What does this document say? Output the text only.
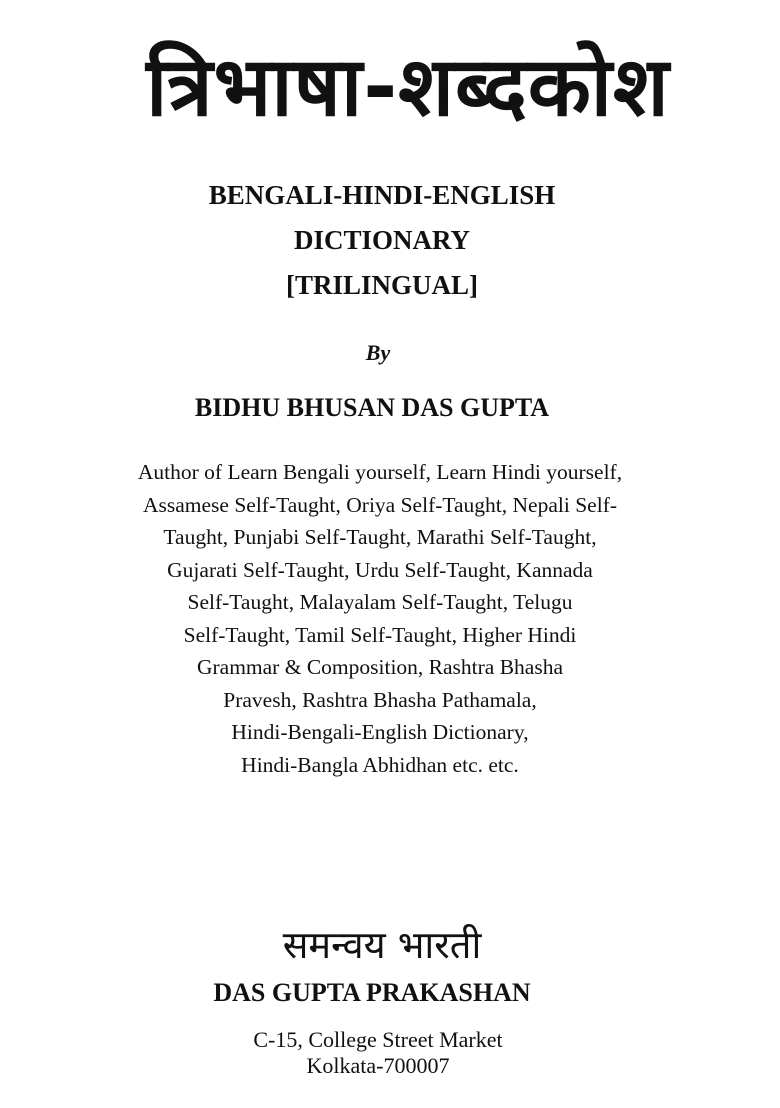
त्रिभाषा-शब्दकोश
BENGALI-HINDI-ENGLISH
DICTIONARY
[TRILINGUAL]
By
BIDHU BHUSAN DAS GUPTA
Author of Learn Bengali yourself, Learn Hindi yourself,
Assamese Self-Taught, Oriya Self-Taught, Nepali Self-
Taught, Punjabi Self-Taught, Marathi Self-Taught,
Gujarati Self-Taught, Urdu Self-Taught, Kannada
Self-Taught, Malayalam Self-Taught, Telugu
Self-Taught, Tamil Self-Taught, Higher Hindi
Grammar & Composition, Rashtra Bhasha
Pravesh, Rashtra Bhasha Pathamala,
Hindi-Bengali-English Dictionary,
Hindi-Bangla Abhidhan etc. etc.
समन्वय भारती
DAS GUPTA PRAKASHAN
C-15, College Street Market
Kolkata-700007
